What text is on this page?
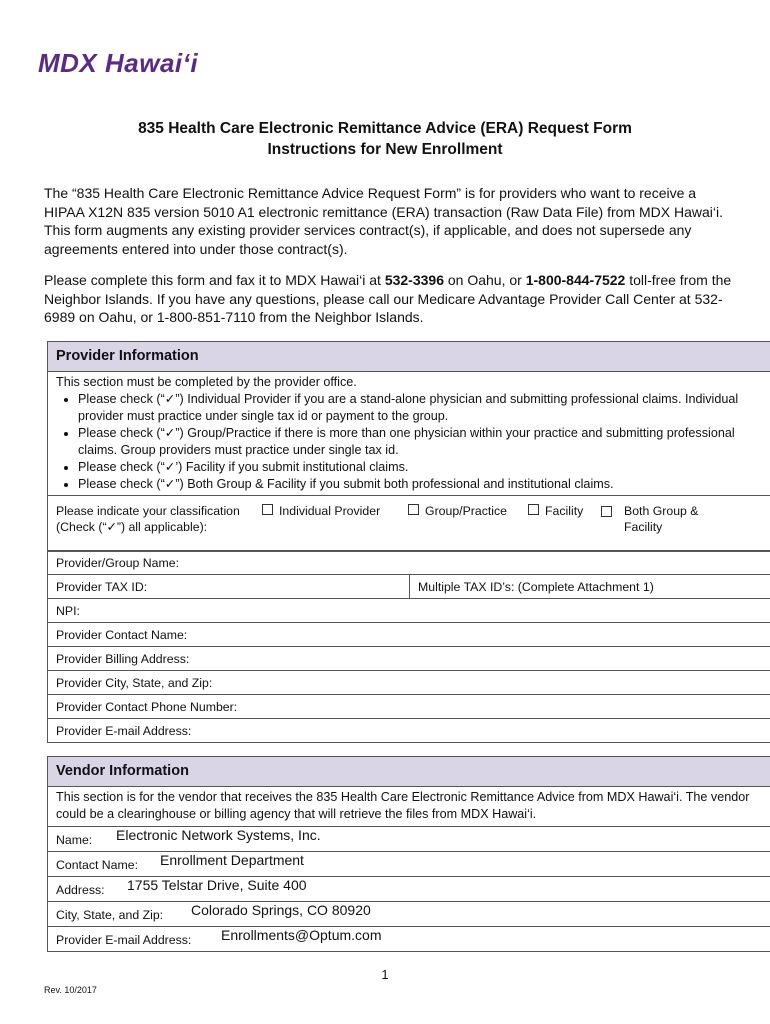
MDX Hawai‘i
835 Health Care Electronic Remittance Advice (ERA) Request Form
Instructions for New Enrollment
The “835 Health Care Electronic Remittance Advice Request Form” is for providers who want to receive a HIPAA X12N 835 version 5010 A1 electronic remittance (ERA) transaction (Raw Data File) from MDX Hawai‘i. This form augments any existing provider services contract(s), if applicable, and does not supersede any agreements entered into under those contract(s).
Please complete this form and fax it to MDX Hawai‘i at 532-3396 on Oahu, or 1-800-844-7522 toll-free from the Neighbor Islands. If you have any questions, please call our Medicare Advantage Provider Call Center at 532-6989 on Oahu, or 1-800-851-7110 from the Neighbor Islands.
Provider Information
This section must be completed by the provider office.
• Please check (“✓”) Individual Provider if you are a stand-alone physician and submitting professional claims. Individual provider must practice under single tax id or payment to the group.
• Please check (“✓”) Group/Practice if there is more than one physician within your practice and submitting professional claims. Group providers must practice under single tax id.
• Please check (“✓’) Facility if you submit institutional claims.
• Please check (“✓”) Both Group & Facility if you submit both professional and institutional claims.
Please indicate your classification
(Check (“✓”) all applicable):
Individual Provider	Group/Practice	Facility	Both Group &
Facility
Provider/Group Name:
Provider TAX ID:	Multiple TAX ID’s: (Complete Attachment 1)
NPI:
Provider Contact Name:
Provider Billing Address:
Provider City, State, and Zip:
Provider Contact Phone Number:
Provider E-mail Address:
Vendor Information
This section is for the vendor that receives the 835 Health Care Electronic Remittance Advice from MDX Hawai‘i. The vendor could be a clearinghouse or billing agency that will retrieve the files from MDX Hawai‘i.
Name: Electronic Network Systems, Inc.
Contact Name: Enrollment Department
Address: 1755 Telstar Drive, Suite 400
City, State, and Zip: Colorado Springs, CO 80920
Provider E-mail Address: Enrollments@Optum.com
1
Rev. 10/2017
